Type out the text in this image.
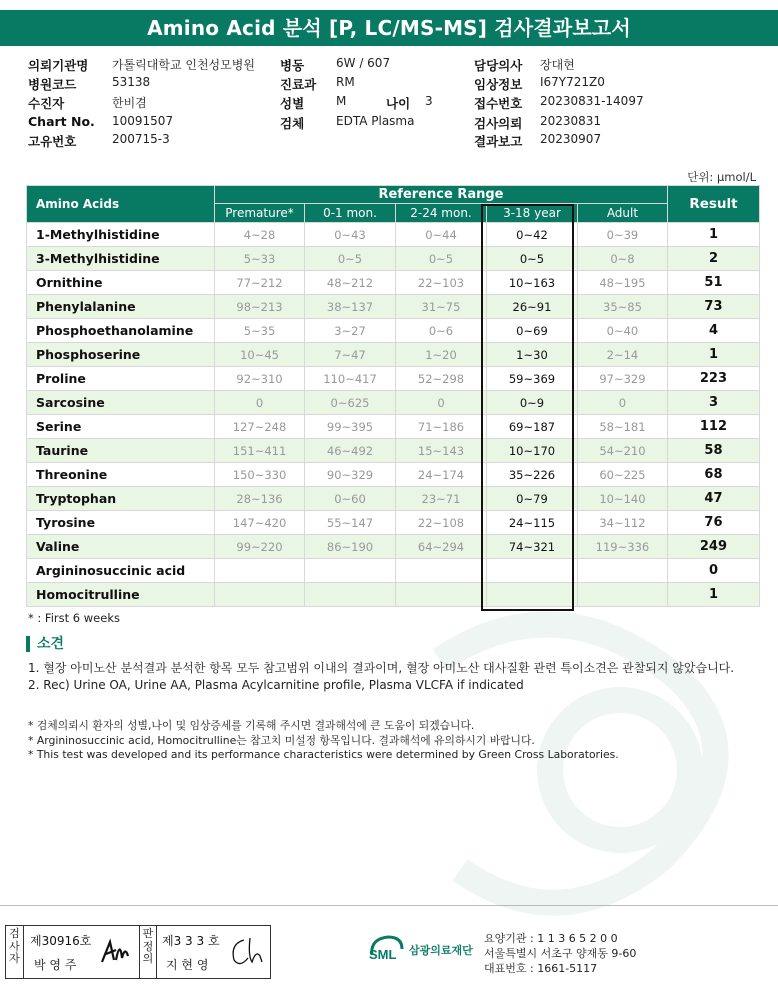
Amino Acid 분석 [P, LC/MS-MS] 검사결과보고서
의뢰기관명 가톨릭대학교 인천성모병원 병동	6W / 607	담당의사 장대현
병원코드	53138	진료과 RM	임상정보 I67Y721Z0
수진자	한비겸	성별	M	나이 3	접수번호 20230831-14097
Chart No. 10091507	검체	EDTA Plasma	검사의뢰 20230831
고유번호	200715-3	결과보고 20230907
단위: μmol/L
Amino Acids	Reference Range					Result
	Premature*	0-1 mon.	2-24 mon.	3-18 year	Adult	
1-Methylhistidine	4~28	0~43	0~44	0~42	0~39	1
3-Methylhistidine	5~33	0~5	0~5	0~5	0~8	2
Ornithine	77~212	48~212	22~103	10~163	48~195	51
Phenylalanine	98~213	38~137	31~75	26~91	35~85	73
Phosphoethanolamine	5~35	3~27	0~6	0~69	0~40	4
Phosphoserine	10~45	7~47	1~20	1~30	2~14	1
Proline	92~310	110~417	52~298	59~369	97~329	223
Sarcosine	0	0~625	0	0~9	0	3
Serine	127~248	99~395	71~186	69~187	58~181	112
Taurine	151~411	46~492	15~143	10~170	54~210	58
Threonine	150~330	90~329	24~174	35~226	60~225	68
Tryptophan	28~136	0~60	23~71	0~79	10~140	47
Tyrosine	147~420	55~147	22~108	24~115	34~112	76
Valine	99~220	86~190	64~294	74~321	119~336	249
Argininosuccinic acid						0
Homocitrulline						1
* : First 6 weeks
소견
1. 혈장 아미노산 분석결과 분석한 항목 모두 참고범위 이내의 결과이며, 혈장 아미노산 대사질환 관련 특이소견은 관찰되지 않았습니다.
2. Rec) Urine OA, Urine AA, Plasma Acylcarnitine profile, Plasma VLCFA if indicated
* 검체의뢰시 환자의 성별,나이 및 임상증세를 기록해 주시면 결과해석에 큰 도움이 되겠습니다.
* Argininosuccinic acid, Homocitrulline는 참고치 미설정 항목입니다. 결과해석에 유의하시기 바랍니다.
* This test was developed and its performance characteristics were determined by Green Cross Laboratories.
검사자
제30916호
박 영 주
판정의
제3 3 3 호
지 현 영
SML 삼광의료재단
요양기관 : 1 1 3 6 5 2 0 0
서울특별시 서초구 양재동 9-60
대표번호 : 1661-5117
